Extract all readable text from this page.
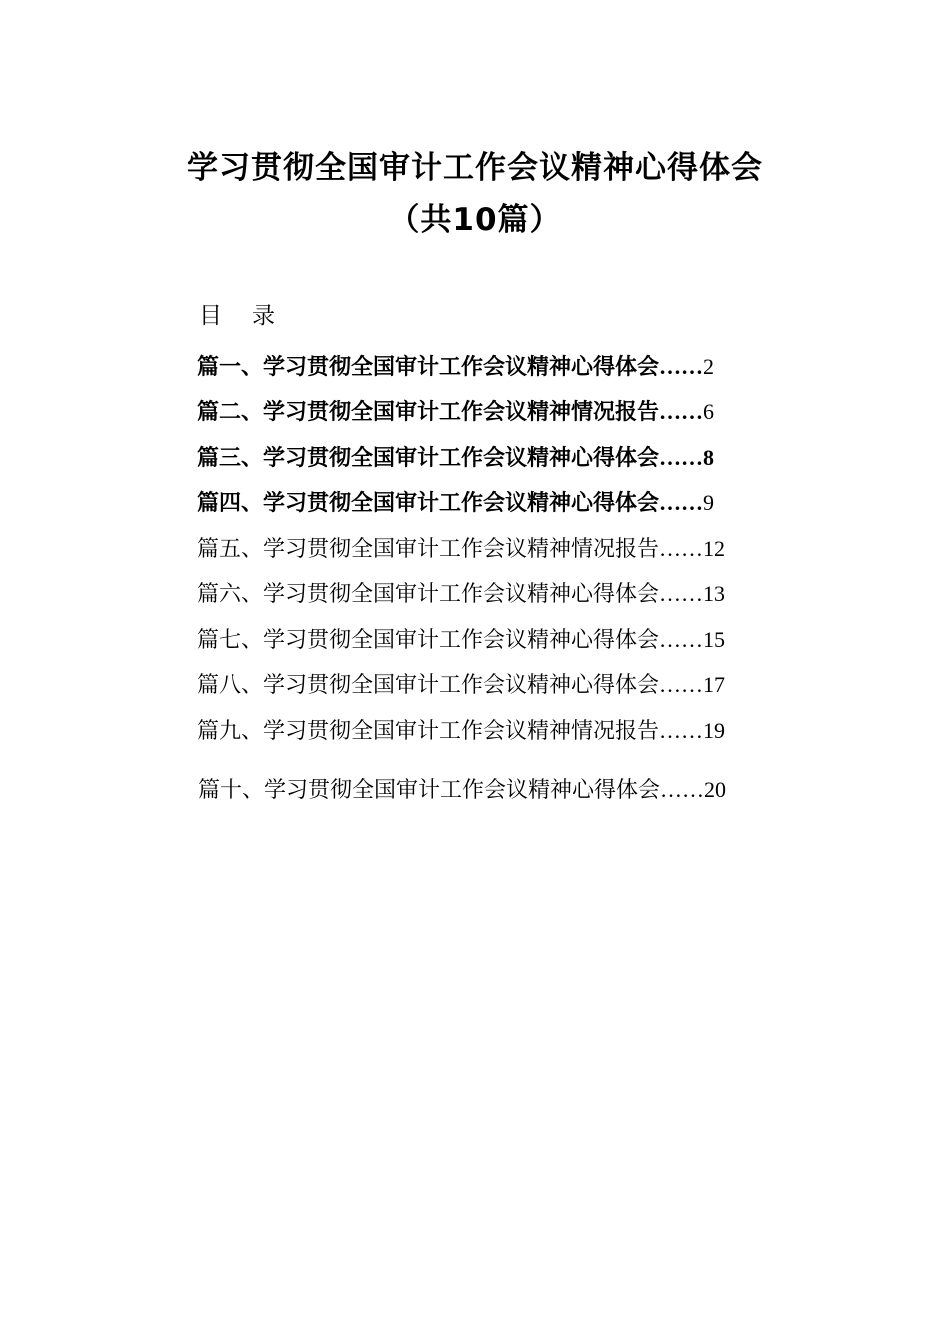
学习贯彻全国审计工作会议精神心得体会
（共10篇）
目 录
篇一、学习贯彻全国审计工作会议精神心得体会……2
篇二、学习贯彻全国审计工作会议精神情况报告……6
篇三、学习贯彻全国审计工作会议精神心得体会……8
篇四、学习贯彻全国审计工作会议精神心得体会……9
篇五、学习贯彻全国审计工作会议精神情况报告……12
篇六、学习贯彻全国审计工作会议精神心得体会……13
篇七、学习贯彻全国审计工作会议精神心得体会……15
篇八、学习贯彻全国审计工作会议精神心得体会……17
篇九、学习贯彻全国审计工作会议精神情况报告……19
篇十、学习贯彻全国审计工作会议精神心得体会……20
